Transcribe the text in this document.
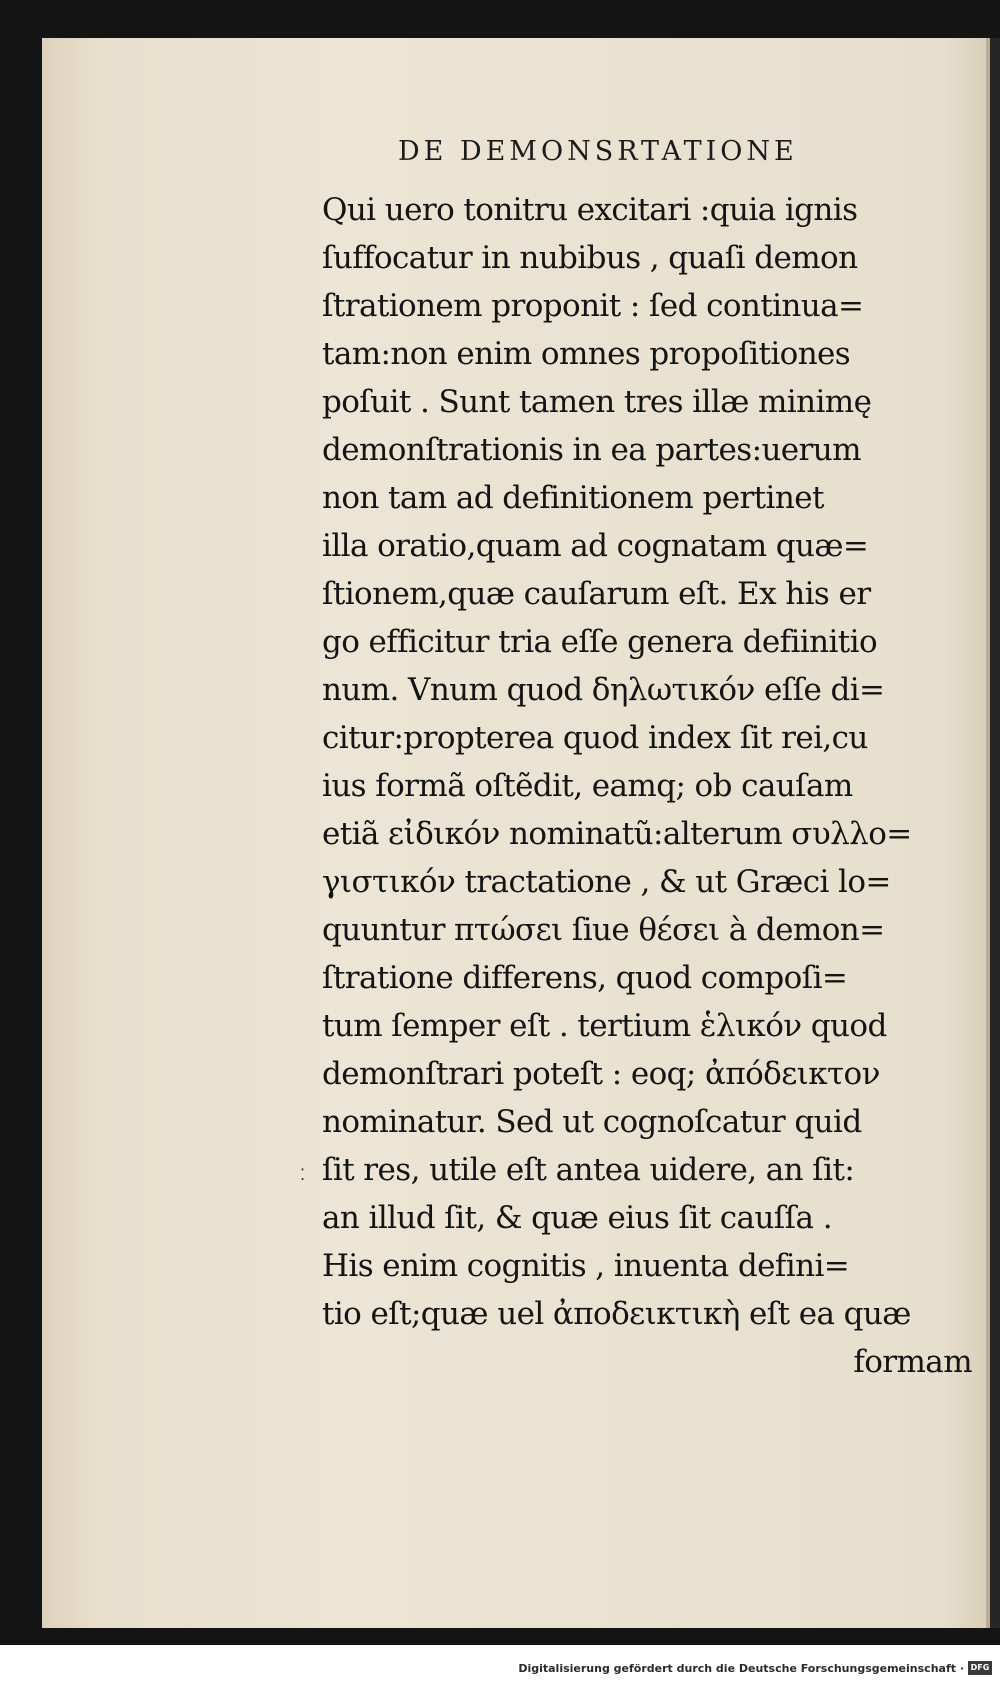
DE DEMONSRTATIONE
Qui uero tonitru excitari :quia ignis
ſuffocatur in nubibus , quaſi demon
ſtrationem proponit : ſed continua=
tam:non enim omnes propoſitiones
poſuit . Sunt tamen tres illæ minimę
demonſtrationis in ea partes:uerum
non tam ad definitionem pertinet
illa oratio,quam ad cognatam quæ=
ſtionem,quæ cauſarum eſt. Ex his er
go efficitur tria eſſe genera defiinitio
num. Vnum quod δηλωτικόν eſſe di=
citur:propterea quod index ſit rei,cu
ius formã oſtẽdit, eamq; ob cauſam
etiã εἰδικόν nominatũ:alterum συλλο=
γιστικόν tractatione , & ut Græci lo=
quuntur πτώσει ſiue θέσει à demon=
ſtratione differens, quod compoſi=
tum ſemper eſt . tertium ἑλικόν quod
demonſtrari poteſt : eoq; ἀπόδεικτον
nominatur. Sed ut cognoſcatur quid
ſit res, utile eſt antea uidere, an ſit:
an illud ſit, & quæ eius ſit cauſſa .
His enim cognitis , inuenta defini=
tio eſt;quæ uel ἀποδεικτικὴ eſt ea quæ
formam
⁚
Digitalisierung gefördert durch die Deutsche Forschungsgemeinschaft · DFG
